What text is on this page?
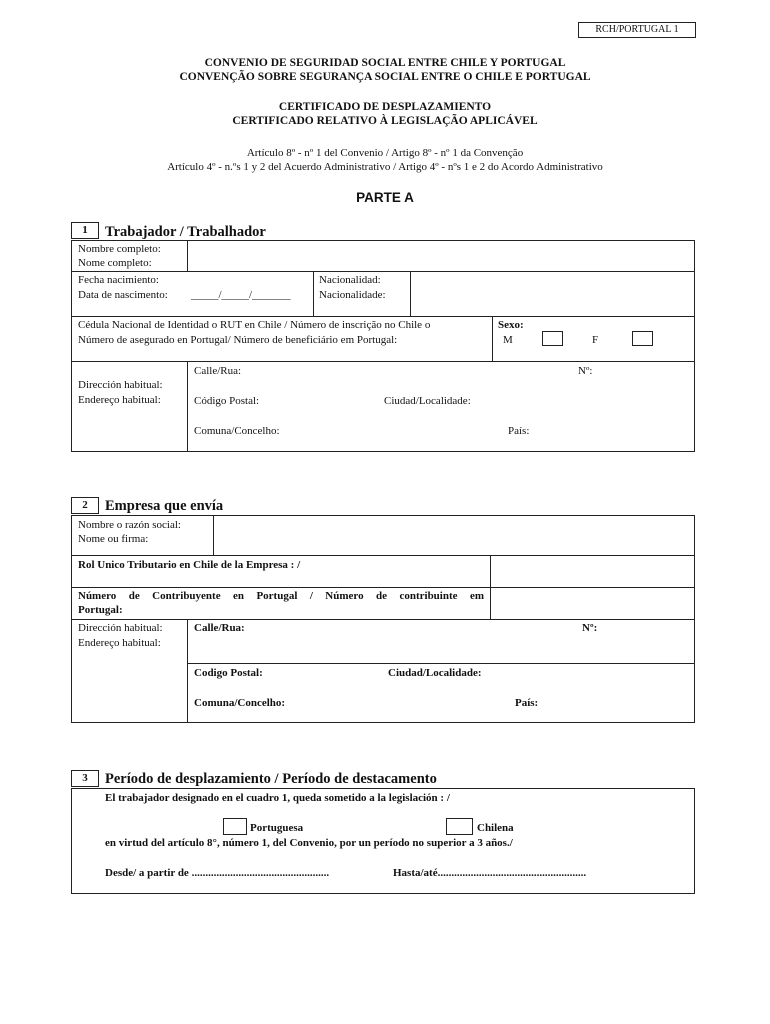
RCH/PORTUGAL 1
CONVENIO DE SEGURIDAD SOCIAL ENTRE CHILE Y PORTUGAL
CONVENÇÃO SOBRE SEGURANÇA SOCIAL ENTRE O CHILE E PORTUGAL
CERTIFICADO DE DESPLAZAMIENTO
CERTIFICADO RELATIVO À LEGISLAÇÃO APLICÁVEL
Artículo 8º - nº 1 del Convenio / Artigo 8º - nº 1 da Convenção
Artículo 4º - n.ºs 1 y 2 del Acuerdo Administrativo / Artigo 4º - nºs 1 e 2 do Acordo Administrativo
PARTE A
1	Trabajador / Trabalhador
Nombre completo:
Nome completo:
Fecha nacimiento:
Data de nascimento: _____/_____/_______
Nacionalidad:
Nacionalidade:
Cédula Nacional de Identidad o RUT en Chile / Número de inscrição no Chile o
Número de asegurado en Portugal/ Número de beneficiário em Portugal:
Sexo:
M	F
Dirección habitual:
Endereço habitual:
Calle/Rua:	Nº:
Código Postal:	Ciudad/Localidade:
Comuna/Concelho:	País:
2	Empresa que envía
Nombre o razón social:
Nome ou firma:
Rol Unico Tributario en Chile de la Empresa : /
Número de Contribuyente en Portugal / Número de contribuinte em
Portugal:
Dirección habitual:
Endereço habitual:
Calle/Rua:	Nº:
Codigo Postal:	Ciudad/Localidade:
Comuna/Concelho:	País:
3	Período de desplazamiento / Período de destacamento
El trabajador designado en el cuadro 1, queda sometido a la legislación : /
Portuguesa	Chilena
en virtud del artículo 8°, número 1, del Convenio, por un período no superior a 3 años./
Desde/ a partir de ..................................................	Hasta/até......................................................
